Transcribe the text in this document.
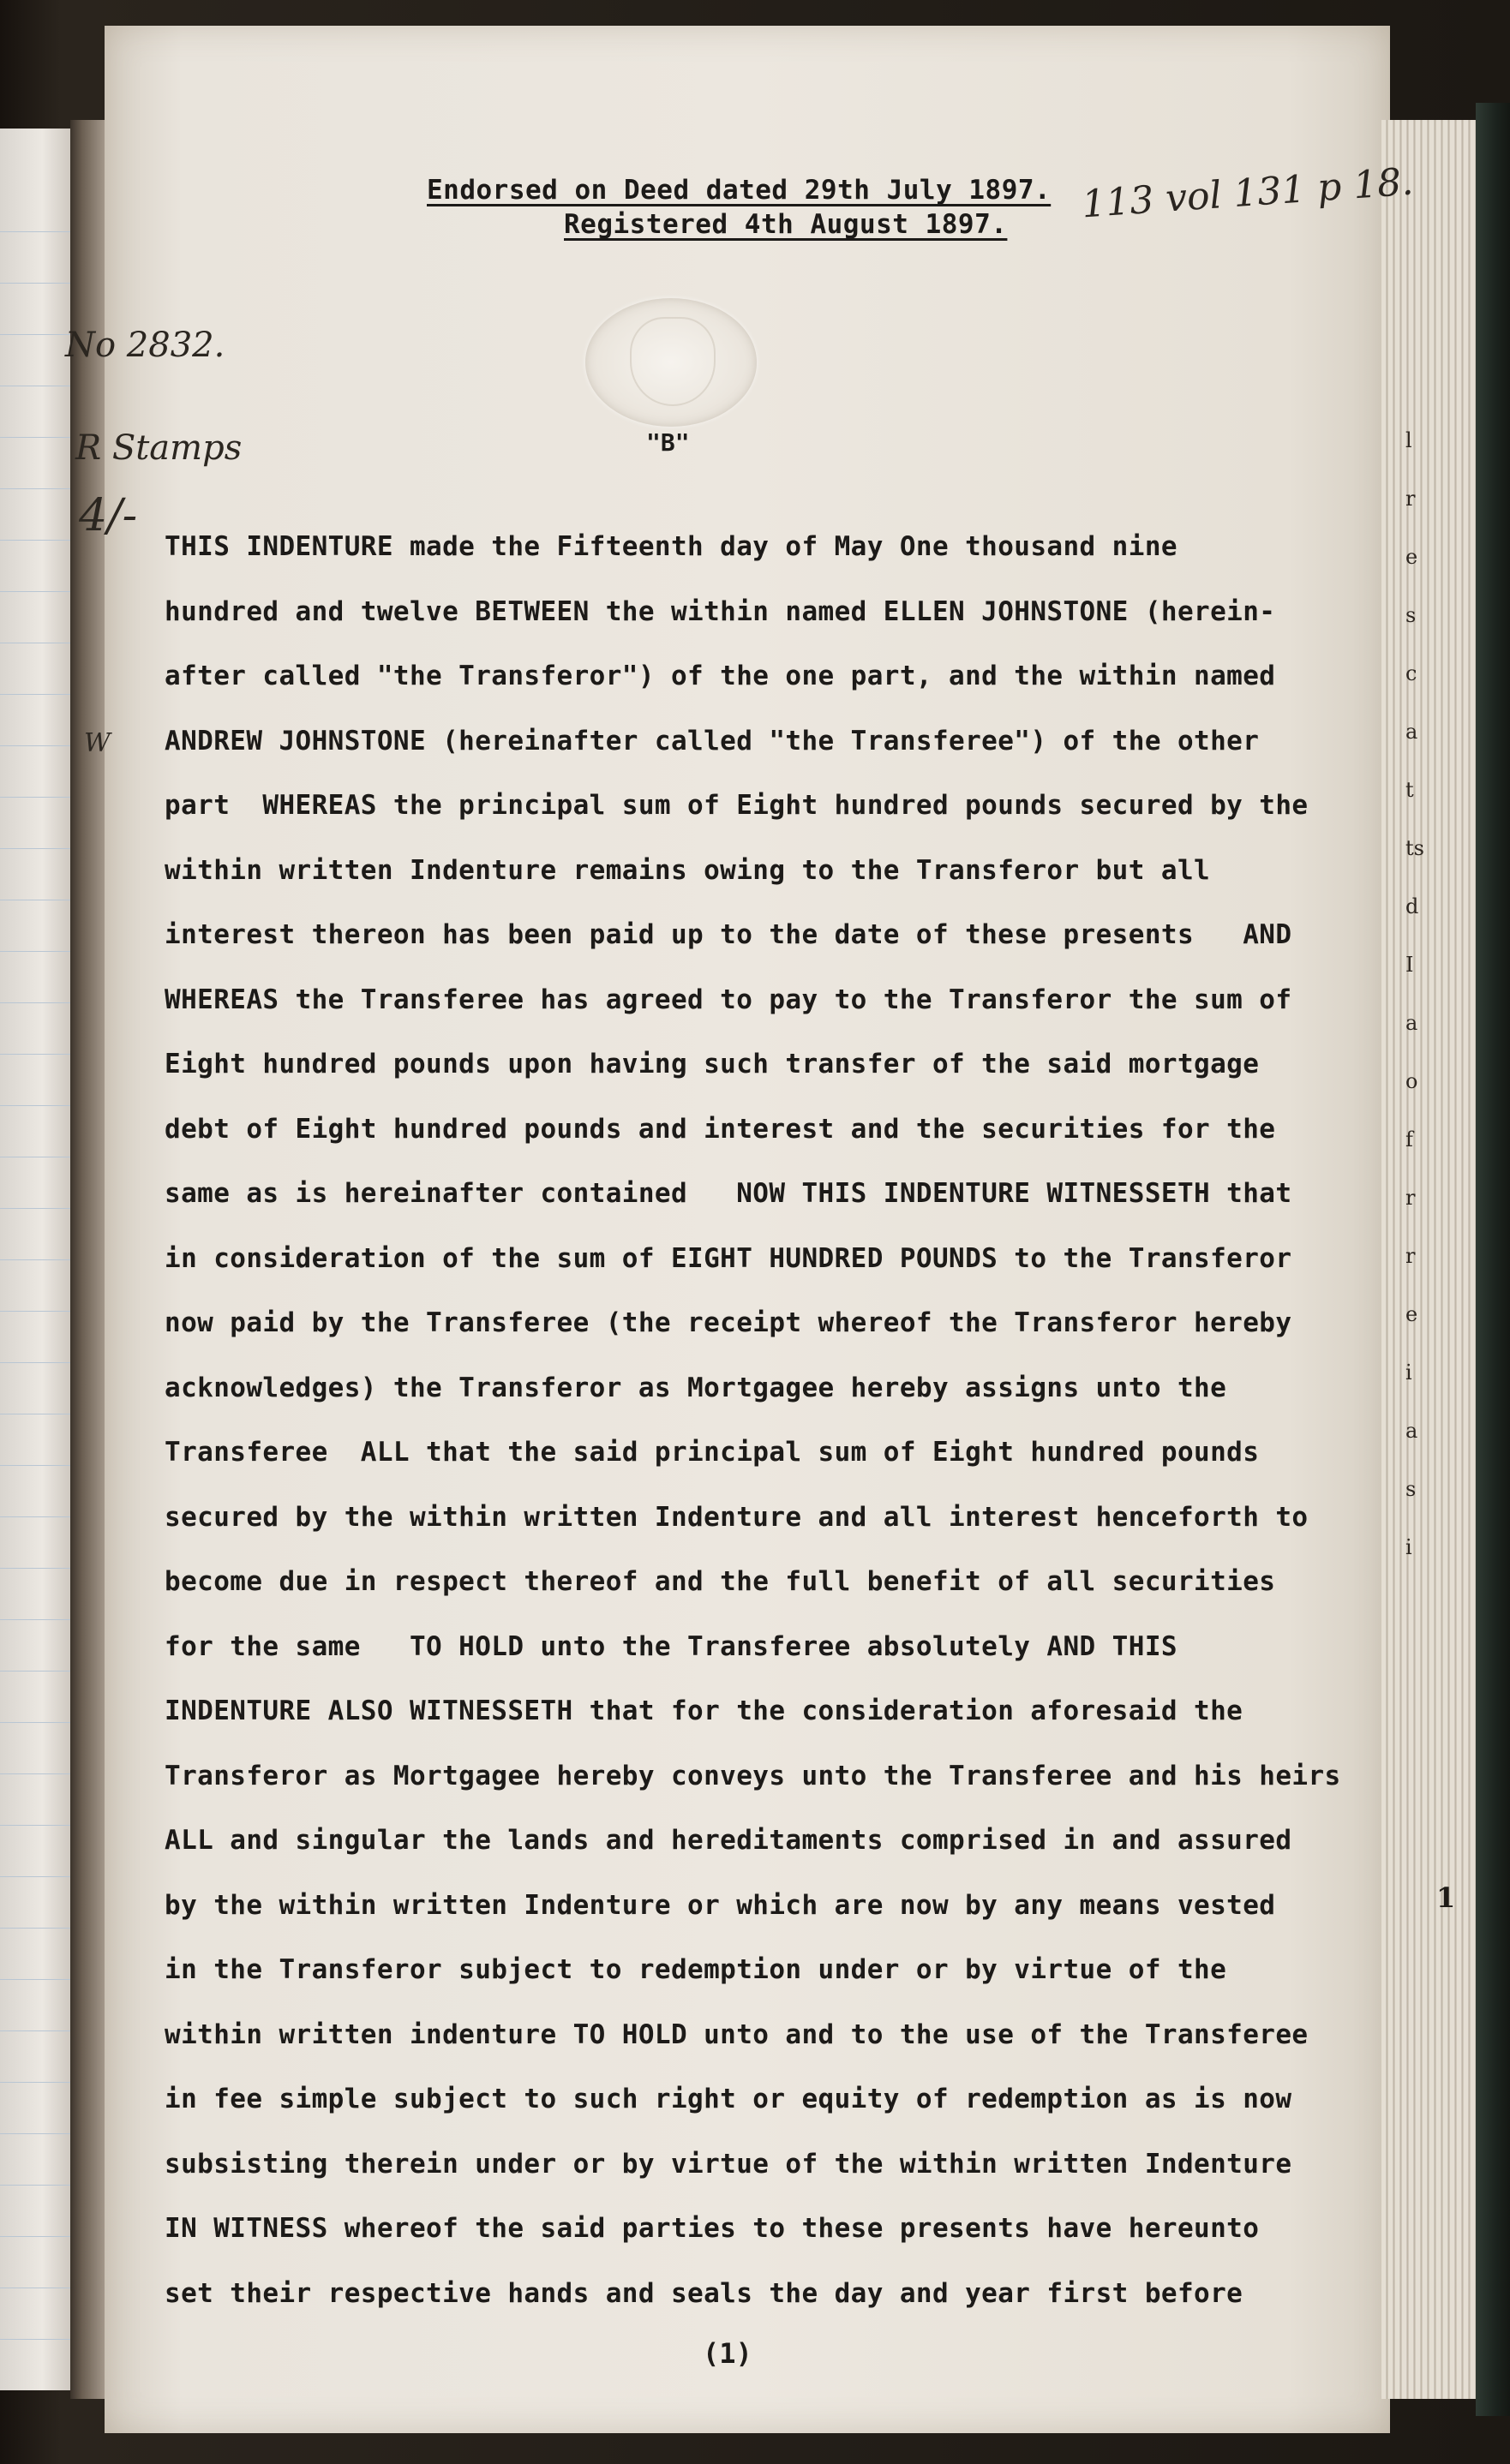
l
r
e
s
c
a
t
ts
d
I
a
o
f
r
r
e
i
a
s
i
1
Endorsed on Deed dated 29th July 1897.
Registered 4th August 1897.	113 vol 131 p 18.
No 2832.
R Stamps
4/-
W
"B"
THIS INDENTURE made the Fifteenth day of May One thousand nine
hundred and twelve BETWEEN the within named ELLEN JOHNSTONE (herein-
after called "the Transferor") of the one part, and the within named
ANDREW JOHNSTONE (hereinafter called "the Transferee") of the other
part  WHEREAS the principal sum of Eight hundred pounds secured by the
within written Indenture remains owing to the Transferor but all
interest thereon has been paid up to the date of these presents   AND
WHEREAS the Transferee has agreed to pay to the Transferor the sum of
Eight hundred pounds upon having such transfer of the said mortgage
debt of Eight hundred pounds and interest and the securities for the
same as is hereinafter contained   NOW THIS INDENTURE WITNESSETH that
in consideration of the sum of EIGHT HUNDRED POUNDS to the Transferor
now paid by the Transferee (the receipt whereof the Transferor hereby
acknowledges) the Transferor as Mortgagee hereby assigns unto the
Transferee  ALL that the said principal sum of Eight hundred pounds
secured by the within written Indenture and all interest henceforth to
become due in respect thereof and the full benefit of all securities
for the same   TO HOLD unto the Transferee absolutely AND THIS
INDENTURE ALSO WITNESSETH that for the consideration aforesaid the
Transferor as Mortgagee hereby conveys unto the Transferee and his heirs
ALL and singular the lands and hereditaments comprised in and assured
by the within written Indenture or which are now by any means vested
in the Transferor subject to redemption under or by virtue of the
within written indenture TO HOLD unto and to the use of the Transferee
in fee simple subject to such right or equity of redemption as is now
subsisting therein under or by virtue of the within written Indenture
IN WITNESS whereof the said parties to these presents have hereunto
set their respective hands and seals the day and year first before
(1)
